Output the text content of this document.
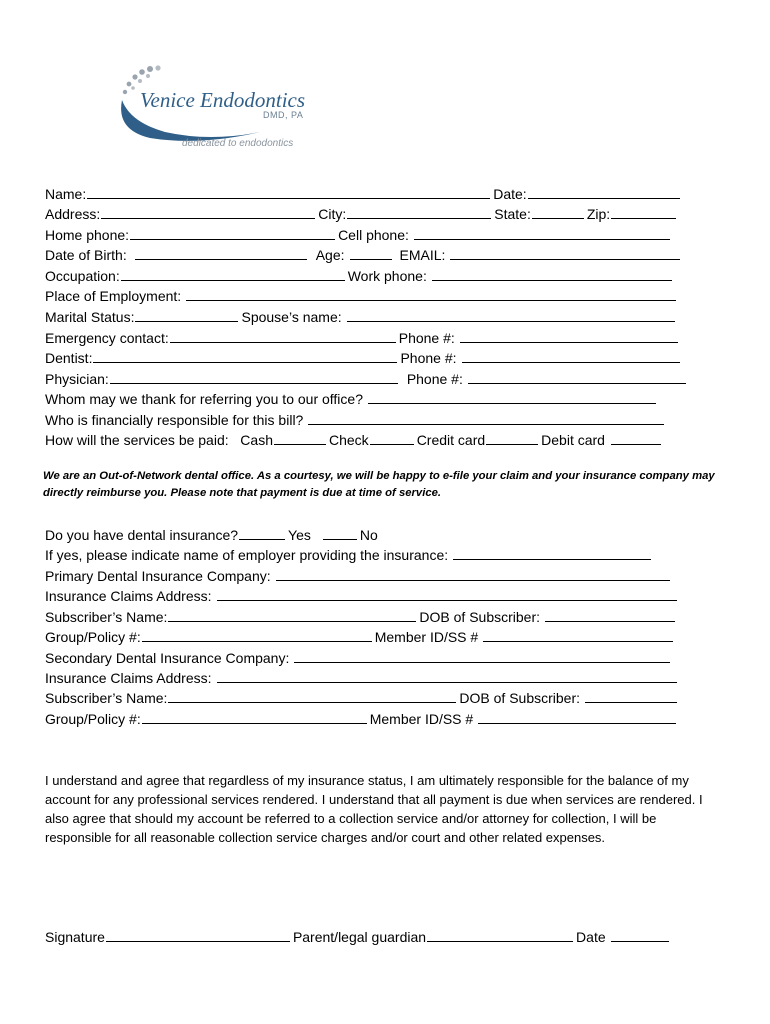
Venice Endodontics
DMD, PA
dedicated to endodontics
Name:	Date:
Address:	City:	State:	Zip:
Home phone:	Cell phone:
Date of Birth:	Age:	EMAIL:
Occupation:	Work phone:
Place of Employment:
Marital Status:	Spouse’s name:
Emergency contact:	Phone #:
Dentist:	Phone #:
Physician:	Phone #:
Whom may we thank for referring you to our office?
Who is financially responsible for this bill?
How will the services be paid:   Cash	Check	Credit card	Debit card
We are an Out-of-Network dental office. As a courtesy, we will be happy to e-file your claim and your insurance company may directly reimburse you. Please note that payment is due at time of service.
Do you have dental insurance?	Yes	No
If yes, please indicate name of employer providing the insurance:
Primary Dental Insurance Company:
Insurance Claims Address:
Subscriber’s Name:	DOB of Subscriber:
Group/Policy #:	Member ID/SS #
Secondary Dental Insurance Company:
Insurance Claims Address:
Subscriber’s Name:	DOB of Subscriber:
Group/Policy #:	Member ID/SS #
I understand and agree that regardless of my insurance status, I am ultimately responsible for the balance of my account for any professional services rendered. I understand that all payment is due when services are rendered. I also agree that should my account be referred to a collection service and/or attorney for collection, I will be responsible for all reasonable collection service charges and/or court and other related expenses.
Signature	Parent/legal guardian	Date
